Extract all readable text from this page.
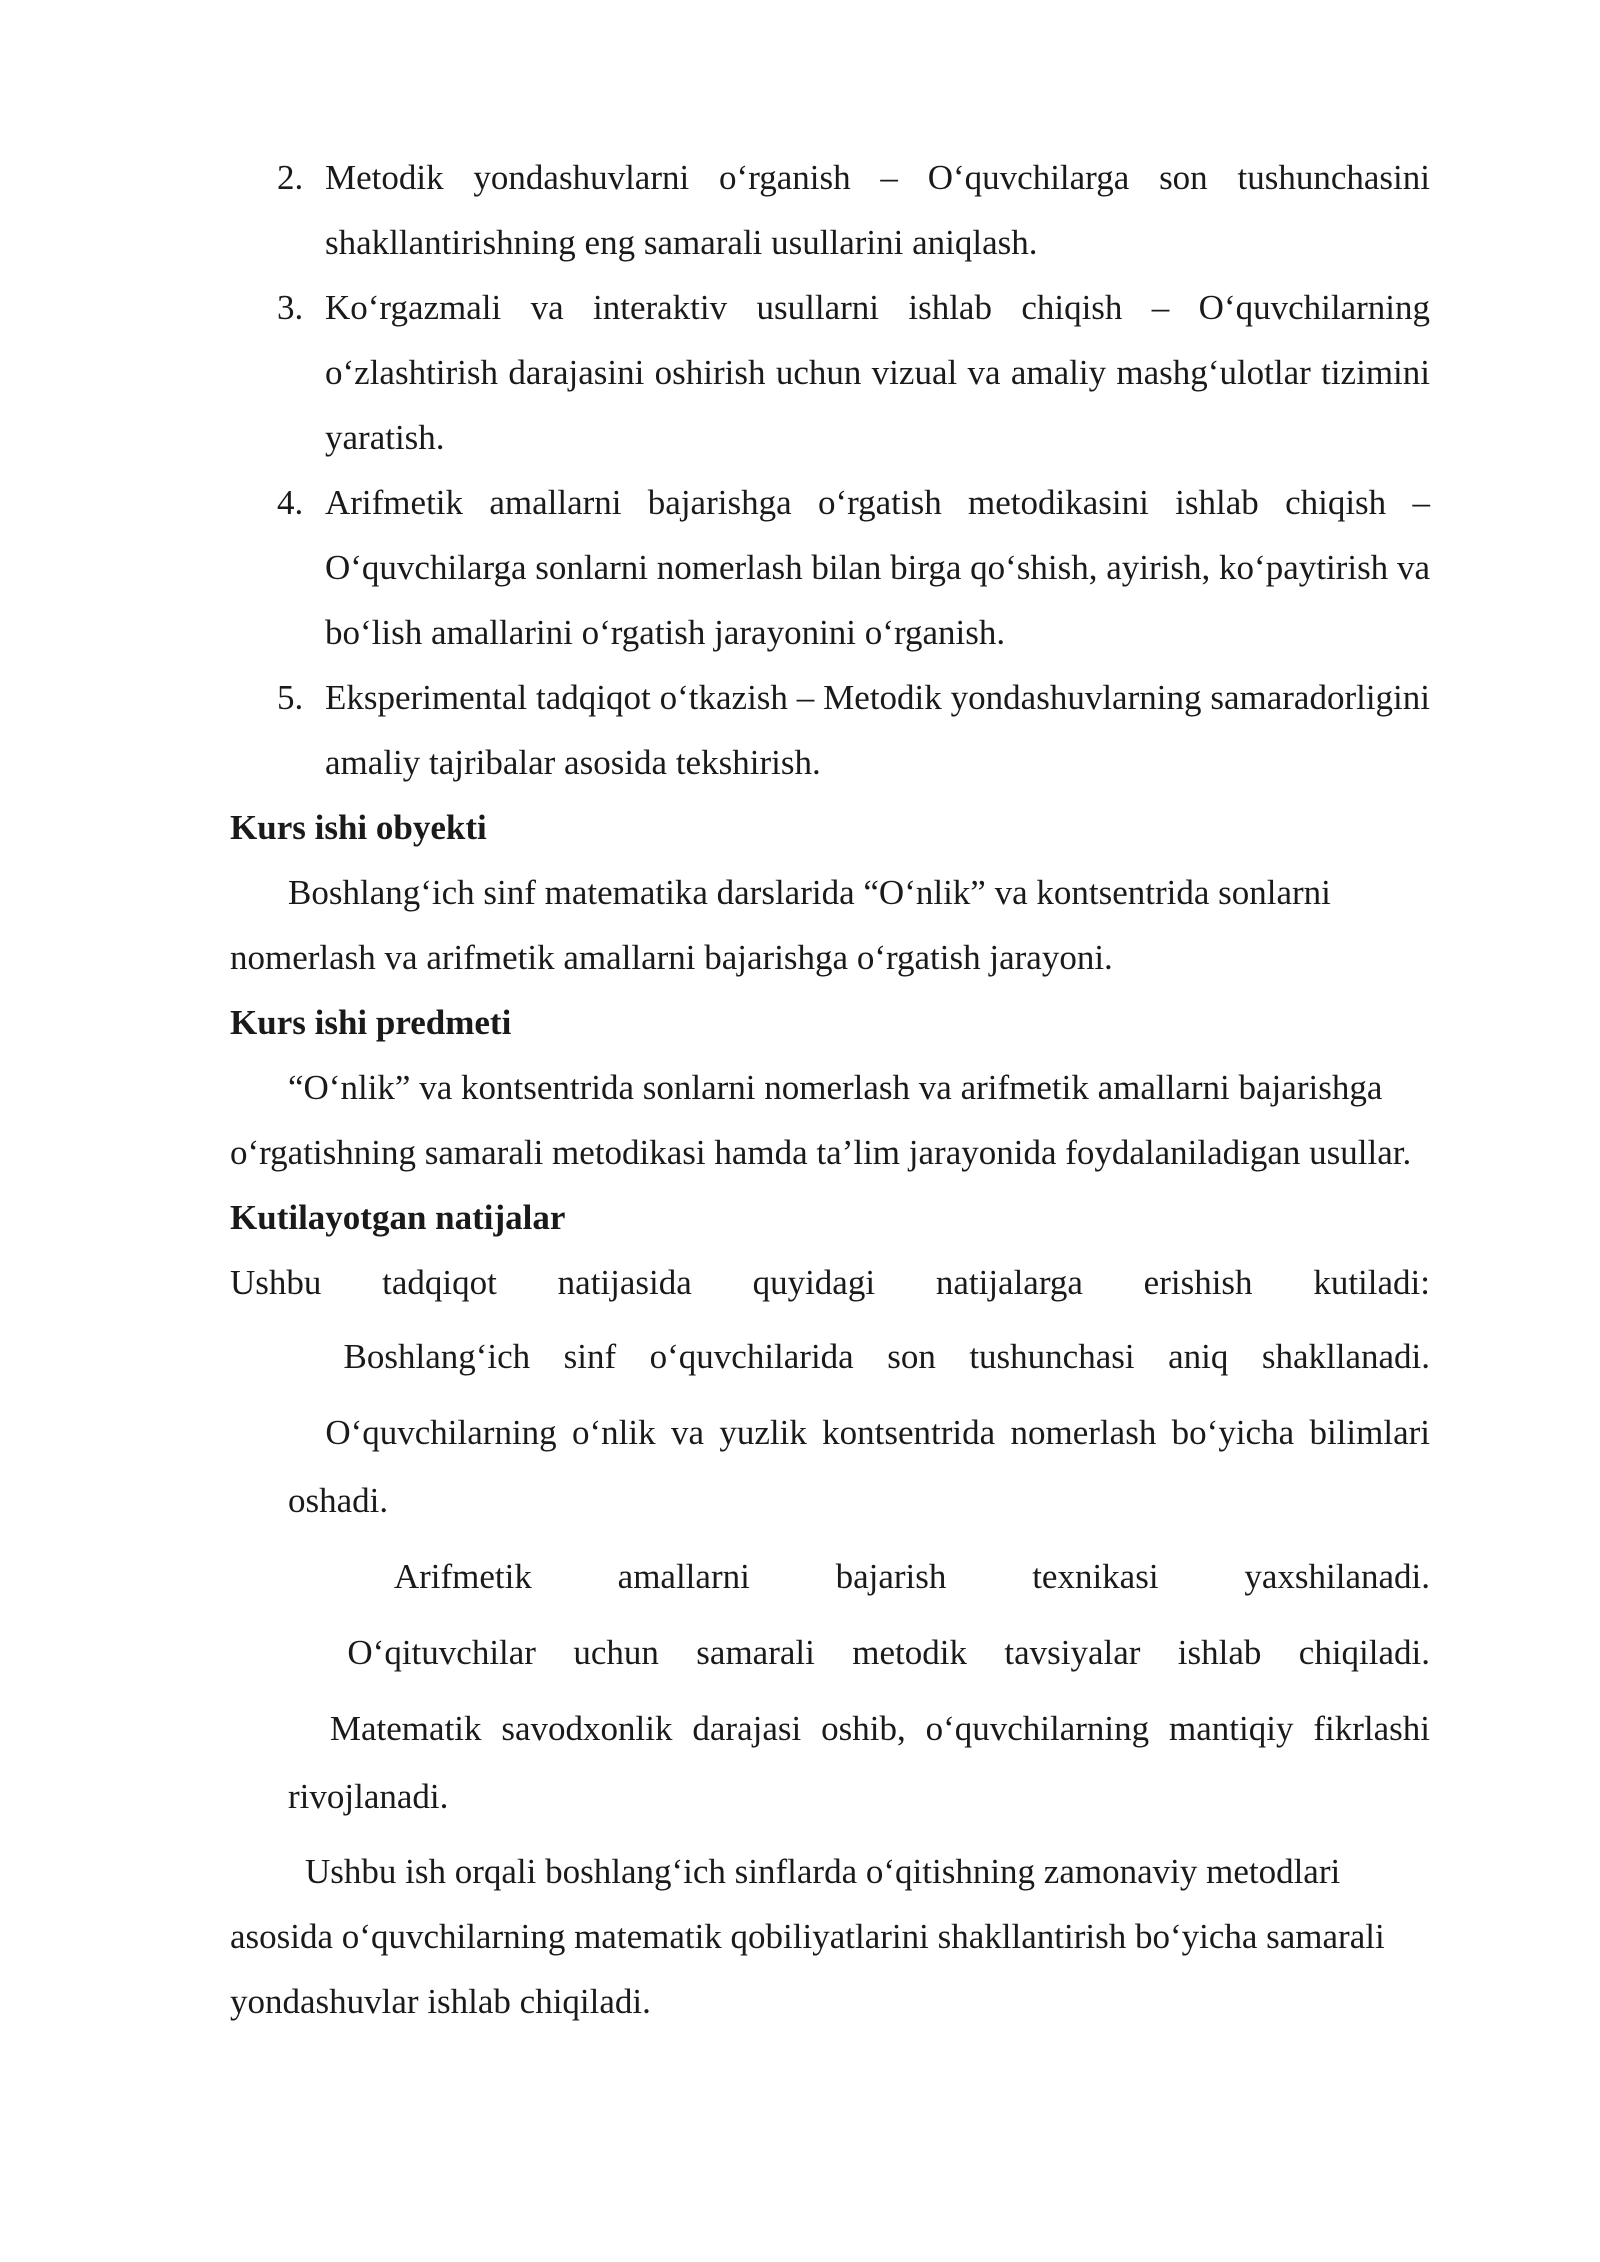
2. Metodik yondashuvlarni o‘rganish – O‘quvchilarga son tushunchasini shakllantirishning eng samarali usullarini aniqlash.
3. Ko‘rgazmali va interaktiv usullarni ishlab chiqish – O‘quvchilarning o‘zlashtirish darajasini oshirish uchun vizual va amaliy mashg‘ulotlar tizimini yaratish.
4. Arifmetik amallarni bajarishga o‘rgatish metodikasini ishlab chiqish – O‘quvchilarga sonlarni nomerlash bilan birga qo‘shish, ayirish, ko‘paytirish va bo‘lish amallarini o‘rgatish jarayonini o‘rganish.
5. Eksperimental tadqiqot o‘tkazish – Metodik yondashuvlarning samaradorligini amaliy tajribalar asosida tekshirish.

Kurs ishi obyekti

Boshlang‘ich sinf matematika darslarida “O‘nlik” va kontsentrida sonlarni nomerlash va arifmetik amallarni bajarishga o‘rgatish jarayoni.

Kurs ishi predmeti

“O‘nlik” va kontsentrida sonlarni nomerlash va arifmetik amallarni bajarishga o‘rgatishning samarali metodikasi hamda ta’lim jarayonida foydalaniladigan usullar.

Kutilayotgan natijalar

Ushbu tadqiqot natijasida quyidagi natijalarga erishish kutiladi:

Boshlang‘ich sinf o‘quvchilarida son tushunchasi aniq shakllanadi.
O‘quvchilarning o‘nlik va yuzlik kontsentrida nomerlash bo‘yicha bilimlari oshadi.
Arifmetik amallarni bajarish texnikasi yaxshilanadi.
O‘qituvchilar uchun samarali metodik tavsiyalar ishlab chiqiladi.
Matematik savodxonlik darajasi oshib, o‘quvchilarning mantiqiy fikrlashi rivojlanadi.

Ushbu ish orqali boshlang‘ich sinflarda o‘qitishning zamonaviy metodlari asosida o‘quvchilarning matematik qobiliyatlarini shakllantirish bo‘yicha samarali yondashuvlar ishlab chiqiladi.
